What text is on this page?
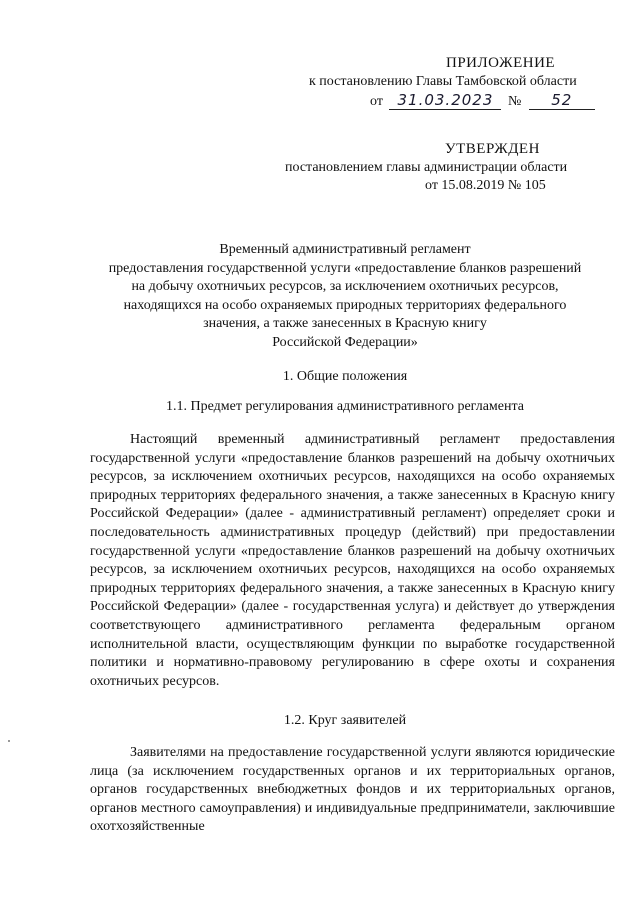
ПРИЛОЖЕНИЕ
к постановлению Главы Тамбовской области
от 31.03.2023 № 52
УТВЕРЖДЕН
постановлением главы администрации области
от 15.08.2019 № 105
Временный административный регламент
предоставления государственной услуги «предоставление бланков разрешений
на добычу охотничьих ресурсов, за исключением охотничьих ресурсов,
находящихся на особо охраняемых природных территориях федерального
значения, а также занесенных в Красную книгу
Российской Федерации»
1. Общие положения
1.1. Предмет регулирования административного регламента
Настоящий временный административный регламент предоставления государственной услуги «предоставление бланков разрешений на добычу охотничьих ресурсов, за исключением охотничьих ресурсов, находящихся на особо охраняемых природных территориях федерального значения, а также занесенных в Красную книгу Российской Федерации» (далее - административный регламент) определяет сроки и последовательность административных процедур (действий) при предоставлении государственной услуги «предоставление бланков разрешений на добычу охотничьих ресурсов, за исключением охотничьих ресурсов, находящихся на особо охраняемых природных территориях федерального значения, а также занесенных в Красную книгу Российской Федерации» (далее - государственная услуга) и действует до утверждения соответствующего административного регламента федеральным органом исполнительной власти, осуществляющим функции по выработке государственной политики и нормативно-правовому регулированию в сфере охоты и сохранения охотничьих ресурсов.
1.2. Круг заявителей
Заявителями на предоставление государственной услуги являются юридические лица (за исключением государственных органов и их территориальных органов, органов государственных внебюджетных фондов и их территориальных органов, органов местного самоуправления) и индивидуальные предприниматели, заключившие охотхозяйственные
